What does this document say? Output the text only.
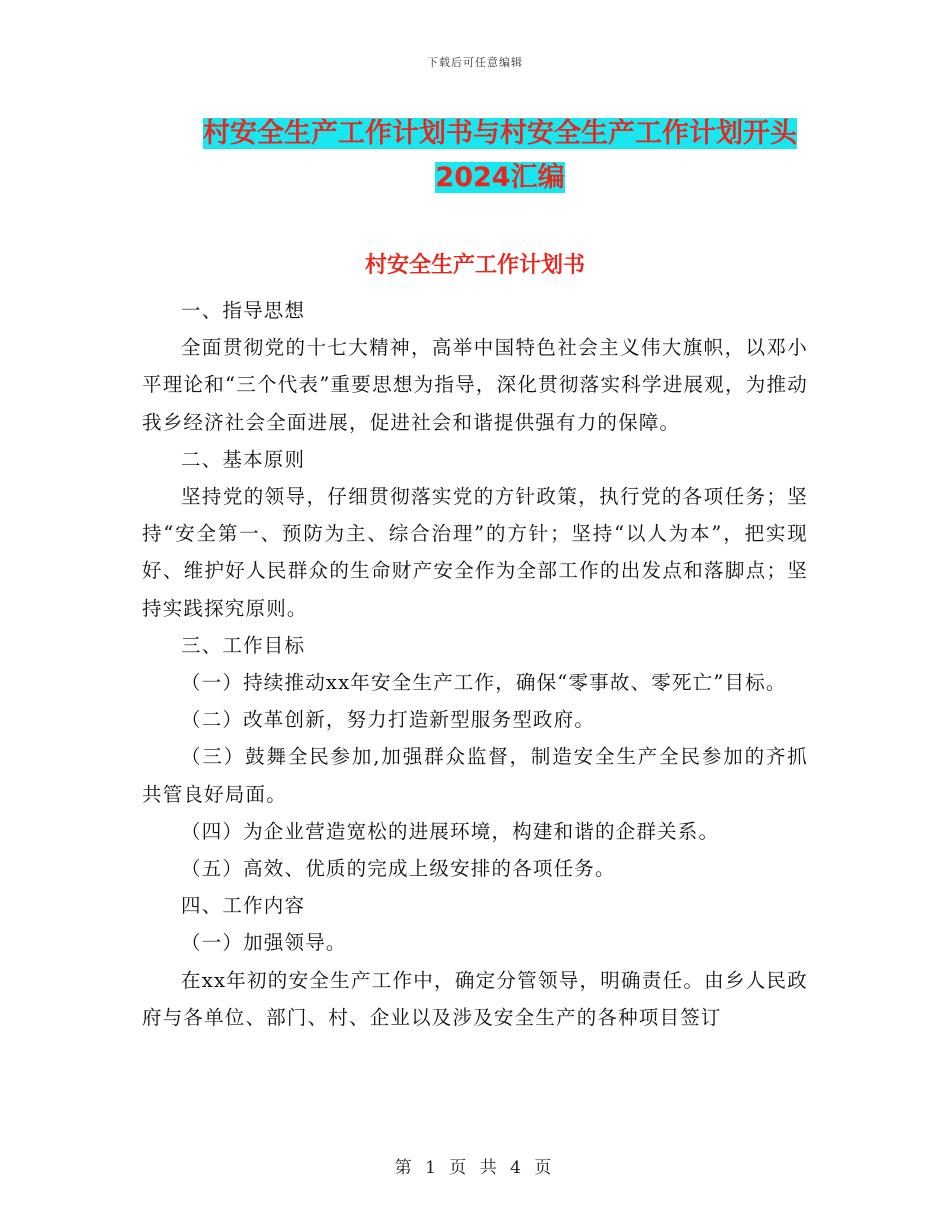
下载后可任意编辑
村安全生产工作计划书与村安全生产工作计划开头
2024汇编
村安全生产工作计划书

一、指导思想

全面贯彻党的十七大精神，高举中国特色社会主义伟大旗帜，以邓小平理论和“三个代表”重要思想为指导，深化贯彻落实科学进展观，为推动我乡经济社会全面进展，促进社会和谐提供强有力的保障。

二、基本原则

坚持党的领导，仔细贯彻落实党的方针政策，执行党的各项任务；坚持“安全第一、预防为主、综合治理”的方针；坚持“以人为本”，把实现好、维护好人民群众的生命财产安全作为全部工作的出发点和落脚点；坚持实践探究原则。

三、工作目标

（一）持续推动xx年安全生产工作，确保“零事故、零死亡”目标。

（二）改革创新，努力打造新型服务型政府。

（三）鼓舞全民参加,加强群众监督，制造安全生产全民参加的齐抓共管良好局面。

（四）为企业营造宽松的进展环境，构建和谐的企群关系。

（五）高效、优质的完成上级安排的各项任务。

四、工作内容

（一）加强领导。

在xx年初的安全生产工作中，确定分管领导，明确责任。由乡人民政府与各单位、部门、村、企业以及涉及安全生产的各种项目签订

第 1 页 共 4 页
